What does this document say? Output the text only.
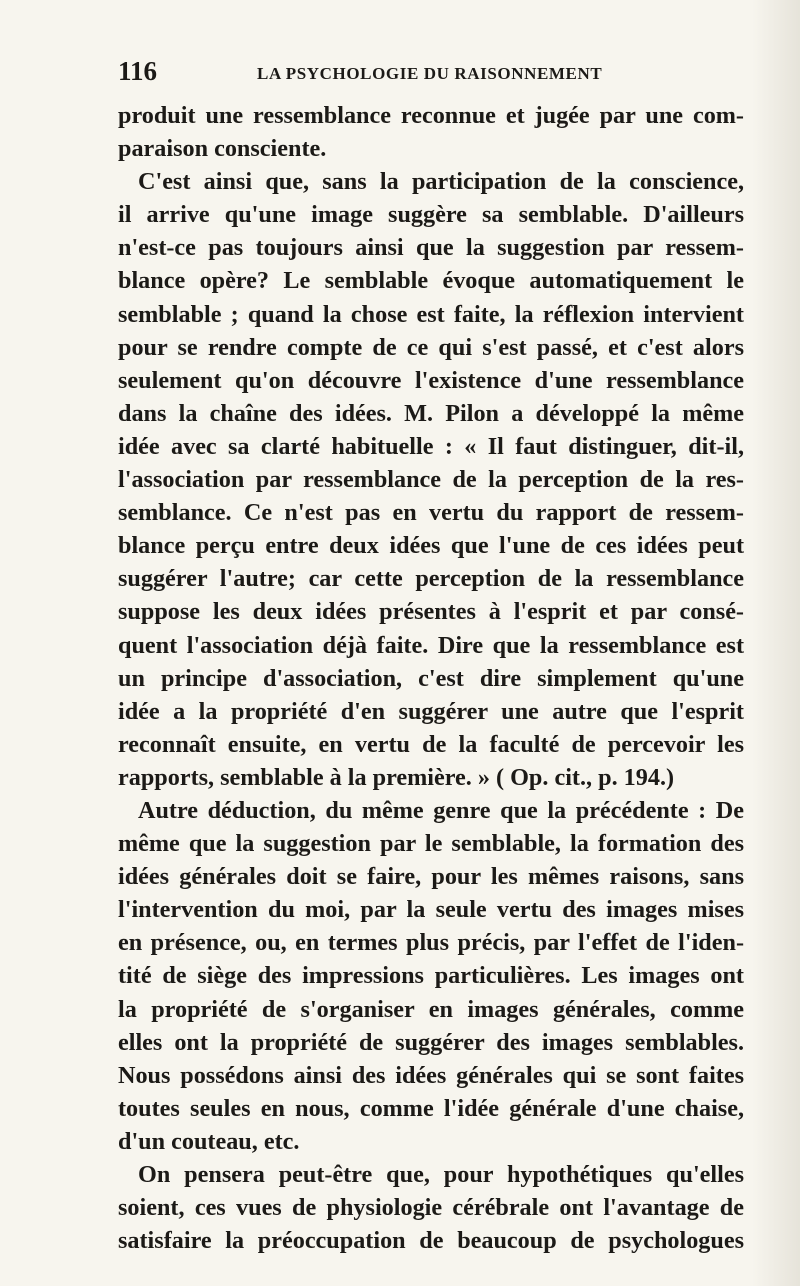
116	LA PSYCHOLOGIE DU RAISONNEMENT
produit une ressemblance reconnue et jugée par une com-
paraison consciente.
C'est ainsi que, sans la participation de la conscience,
il arrive qu'une image suggère sa semblable. D'ailleurs
n'est-ce pas toujours ainsi que la suggestion par ressem-
blance opère? Le semblable évoque automatiquement le
semblable ; quand la chose est faite, la réflexion intervient
pour se rendre compte de ce qui s'est passé, et c'est alors
seulement qu'on découvre l'existence d'une ressemblance
dans la chaîne des idées. M. Pilon a développé la même
idée avec sa clarté habituelle : « Il faut distinguer, dit-il,
l'association par ressemblance de la perception de la res-
semblance. Ce n'est pas en vertu du rapport de ressem-
blance perçu entre deux idées que l'une de ces idées peut
suggérer l'autre; car cette perception de la ressemblance
suppose les deux idées présentes à l'esprit et par consé-
quent l'association déjà faite. Dire que la ressemblance est
un principe d'association, c'est dire simplement qu'une
idée a la propriété d'en suggérer une autre que l'esprit
reconnaît ensuite, en vertu de la faculté de percevoir les
rapports, semblable à la première. » ( Op. cit., p. 194.)
Autre déduction, du même genre que la précédente : De
même que la suggestion par le semblable, la formation des
idées générales doit se faire, pour les mêmes raisons, sans
l'intervention du moi, par la seule vertu des images mises
en présence, ou, en termes plus précis, par l'effet de l'iden-
tité de siège des impressions particulières. Les images ont
la propriété de s'organiser en images générales, comme
elles ont la propriété de suggérer des images semblables.
Nous possédons ainsi des idées générales qui se sont faites
toutes seules en nous, comme l'idée générale d'une chaise,
d'un couteau, etc.
On pensera peut-être que, pour hypothétiques qu'elles
soient, ces vues de physiologie cérébrale ont l'avantage de
satisfaire la préoccupation de beaucoup de psychologues
